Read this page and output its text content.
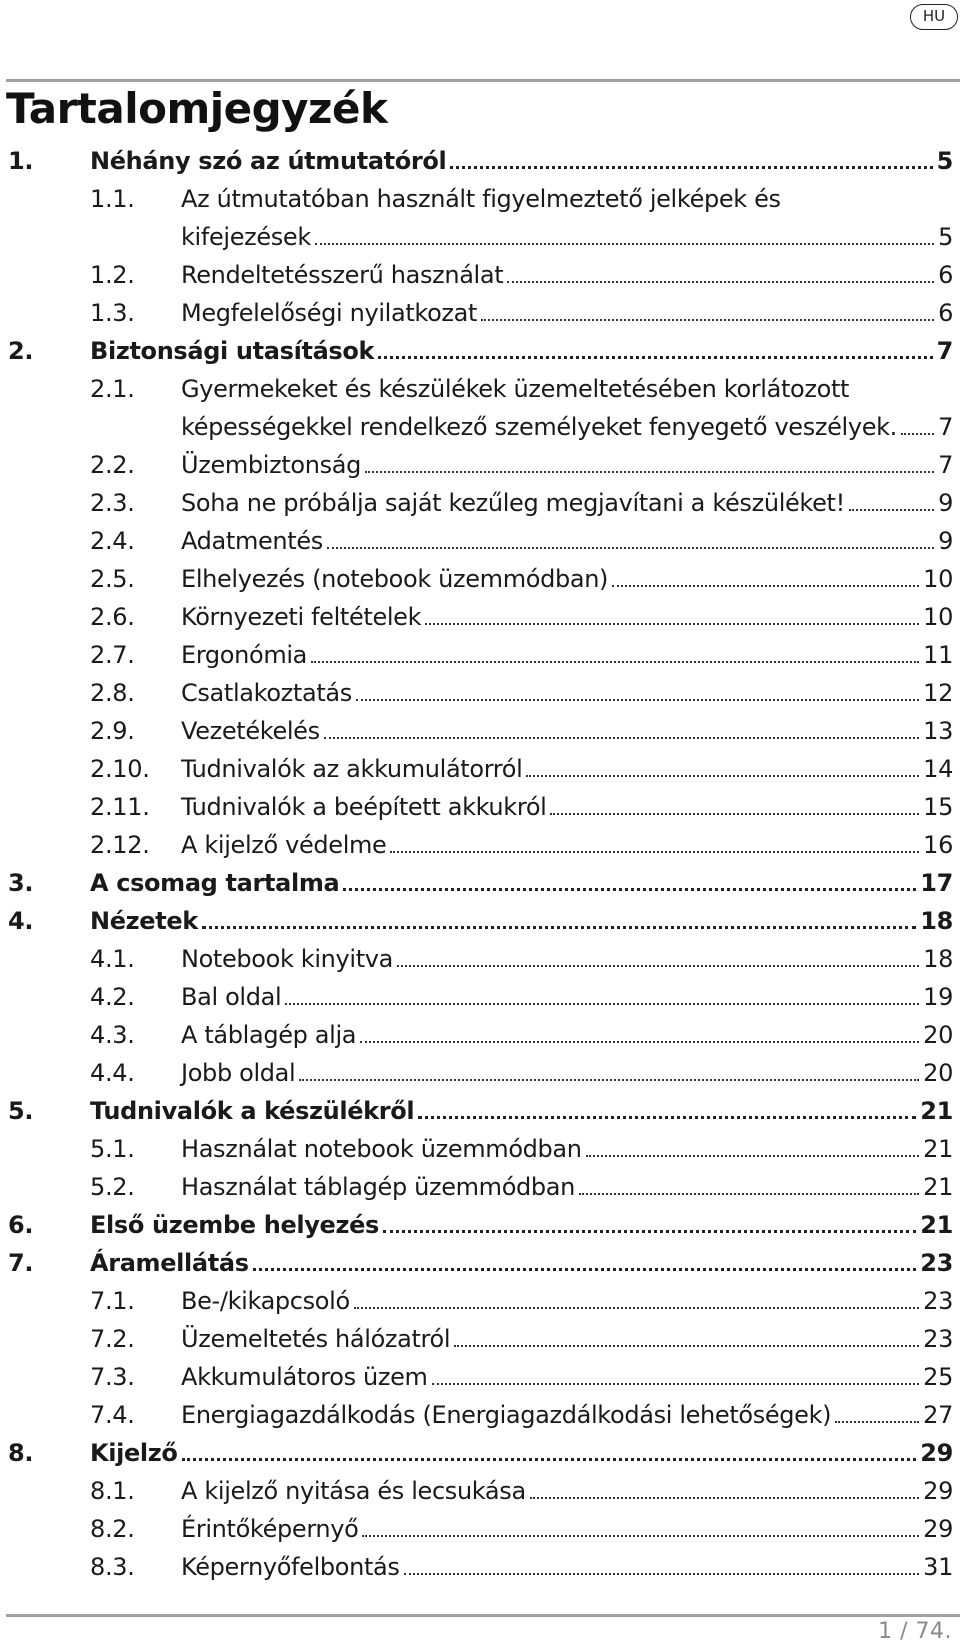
HU
Tartalomjegyzék
1. Néhány szó az útmutatóról	5
1.1. Az útmutatóban használt figyelmeztető jelképek és
kifejezések	5
1.2. Rendeltetésszerű használat	6
1.3. Megfelelőségi nyilatkozat	6
2. Biztonsági utasítások	7
2.1. Gyermekeket és készülékek üzemeltetésében korlátozott
képességekkel rendelkező személyeket fenyegető veszélyek. 7
2.2. Üzembiztonság	7
2.3. Soha ne próbálja saját kezűleg megjavítani a készüléket!	9
2.4. Adatmentés	9
2.5. Elhelyezés (notebook üzemmódban)	10
2.6. Környezeti feltételek	10
2.7. Ergonómia	11
2.8. Csatlakoztatás	12
2.9. Vezetékelés	13
2.10. Tudnivalók az akkumulátorról	14
2.11. Tudnivalók a beépített akkukról	15
2.12. A kijelző védelme	16
3. A csomag tartalma	17
4. Nézetek	18
4.1. Notebook kinyitva	18
4.2. Bal oldal	19
4.3. A táblagép alja	20
4.4. Jobb oldal	20
5. Tudnivalók a készülékről	21
5.1. Használat notebook üzemmódban	21
5.2. Használat táblagép üzemmódban	21
6. Első üzembe helyezés	21
7. Áramellátás	23
7.1. Be-/kikapcsoló	23
7.2. Üzemeltetés hálózatról	23
7.3. Akkumulátoros üzem	25
7.4. Energiagazdálkodás (Energiagazdálkodási lehetőségek)	27
8. Kijelző	29
8.1. A kijelző nyitása és lecsukása	29
8.2. Érintőképernyő	29
8.3. Képernyőfelbontás	31
1 / 74.
